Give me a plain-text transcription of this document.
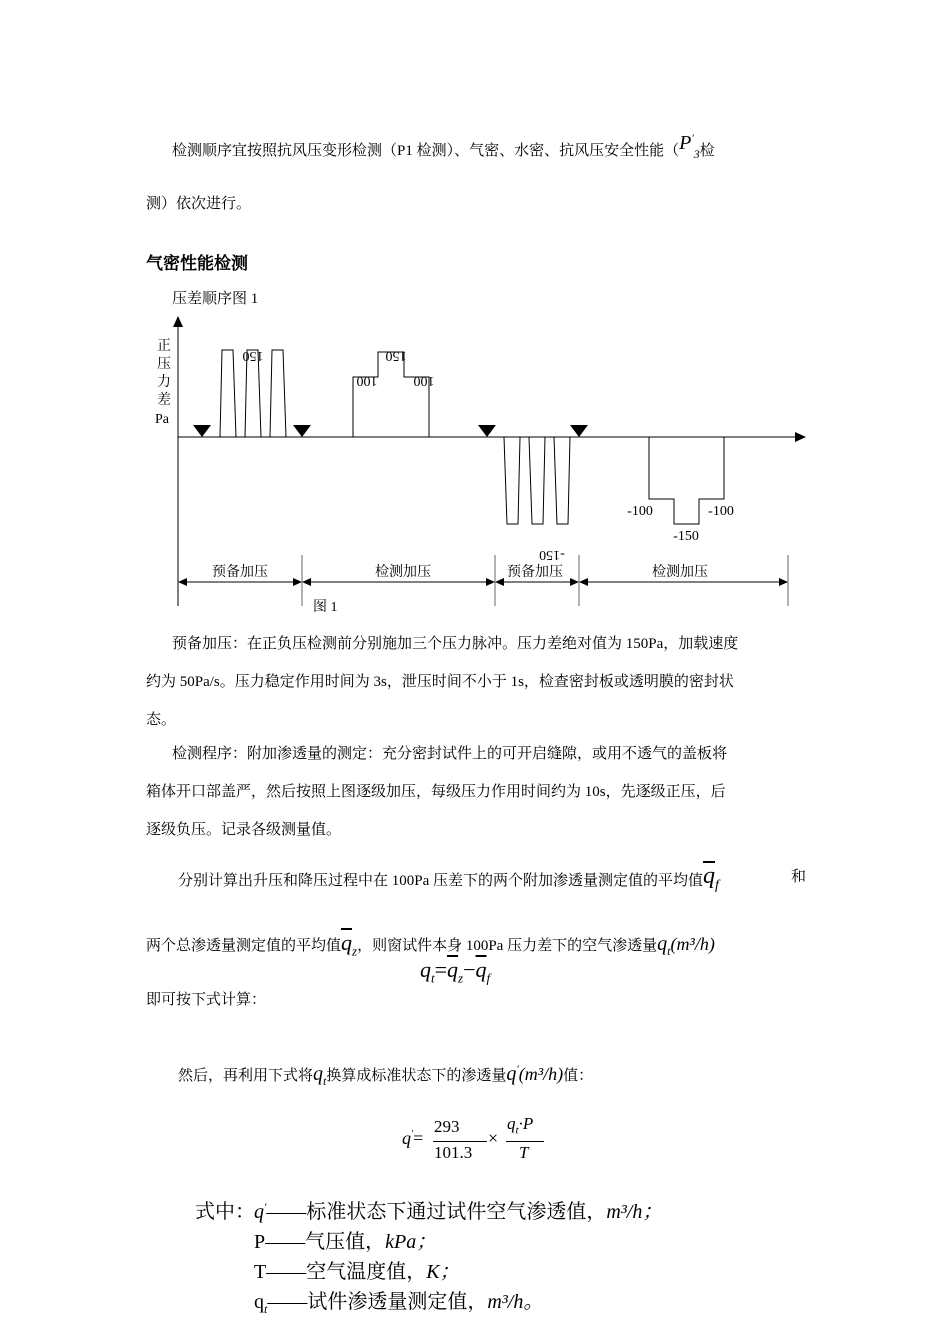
检测顺序宜按照抗风压变形检测（P1 检测）、气密、水密、抗风压安全性能（$P'_3$检
测）依次进行。
气密性能检测
压差顺序图 1
正
压
力
差
Pa
150
100
150
100
-150
-100
-150
-100
预备加压	检测加压	预备加压	检测加压
图 1
预备加压：在正负压检测前分别施加三个压力脉冲。压力差绝对值为 150Pa，加载速度
约为 50Pa/s。压力稳定作用时间为 3s，泄压时间不小于 1s，检查密封板或透明膜的密封状
态。
检测程序：附加渗透量的测定：充分密封试件上的可开启缝隙，或用不透气的盖板将
箱体开口部盖严，然后按照上图逐级加压，每级压力作用时间约为 10s，先逐级正压，后
逐级负压。记录各级测量值。
分别计算出升压和降压过程中在 100Pa 压差下的两个附加渗透量测定值的平均值$\overline{q}_f$
和
两个总渗透量测定值的平均值$\overline{q}_z$，则窗试件本身 100Pa 压力差下的空气渗透量$q_t(m^3/h)$
$q_t=\overline{q}_z-\overline{q}_f$
即可按下式计算：
然后，再利用下式将$q_t$换算成标准状态下的渗透量q'(m³/h)值：
q'=
293
101.3
×
$q_t\cdot P$
T
式中： q'——标准状态下通过试件空气渗透值，m³/h；
P——气压值，kPa；
T——空气温度值，K；
$q_t——$试件渗透量测定值，m³/h。
